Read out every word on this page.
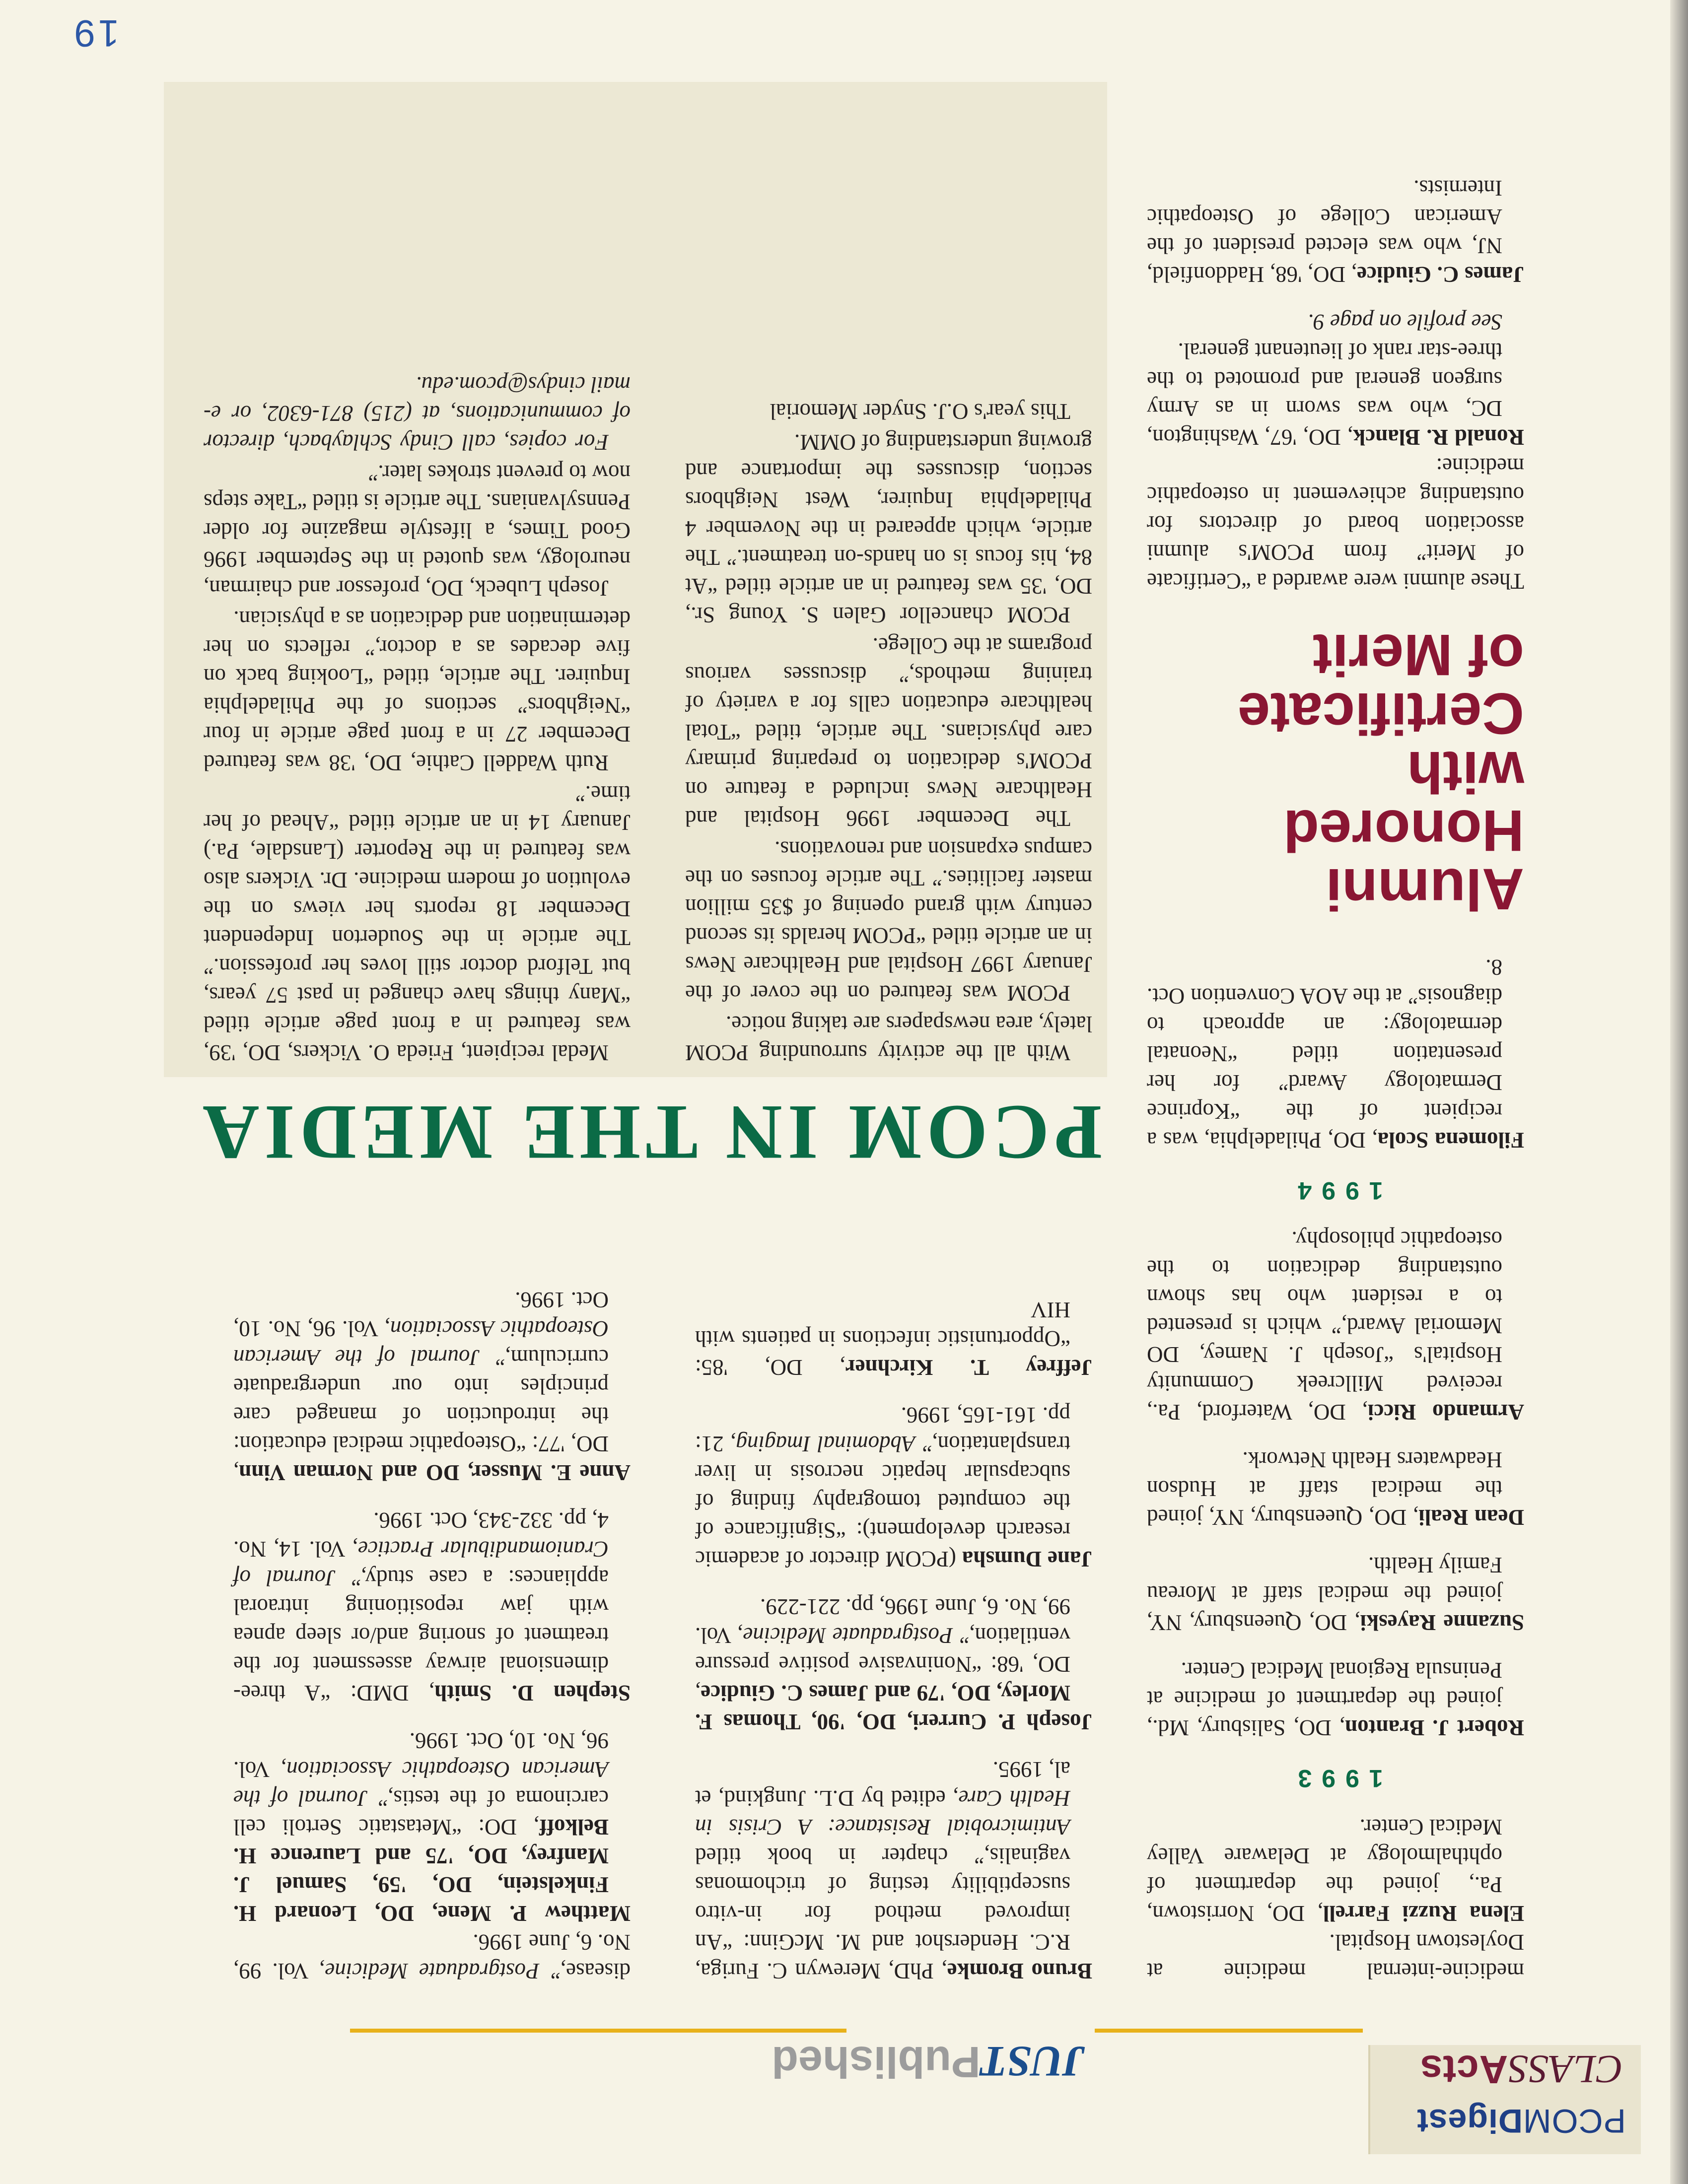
PCOMDigest
CLASSActs
JUSTPublished

medicine-internal medicine at Doylestown Hospital.

Elena Ruzzi Farrell, DO, Norristown, Pa., joined the department of ophthalmology at Delaware Valley Medical Center.

1993

Robert J. Branton, DO, Salisbury, Md., joined the department of medicine at Peninsula Regional Medical Center.

Suzanne Rayeski, DO, Queensbury, NY, joined the medical staff at Moreau Family Health.

Dean Reali, DO, Queensbury, NY, joined the medical staff at Hudson Headwaters Health Network.

Armando Ricci, DO, Waterford, Pa., received Millcreek Community Hospital's “Joseph J. Namey, DO Memorial Award,” which is presented to a resident who has shown outstanding dedication to the osteopathic philosophy.

1994

Filomena Scola, DO, Philadelphia, was a recipient of the “Koprince Dermatology Award” for her presentation titled “Neonatal dermatology: an approach to diagnosis” at the AOA Convention Oct. 8.

Alumni Honored
with Certificate
of Merit

These alumni were awarded a “Certificate of Merit” from PCOM's alumni association board of directors for outstanding achievement in osteopathic medicine:

Ronald R. Blanck, DO, '67, Washington, DC, who was sworn in as Army surgeon general and promoted to the three-star rank of lieutenant general.
See profile on page 9.

James C. Giudice, DO, '68, Haddonfield, NJ, who was elected president of the American College of Osteopathic Internists.

Bruno Bromke, PhD, Merewyn C. Furiga, R.C. Hendershot and M. McGinn: “An improved method for in-vitro susceptibility testing of trichomonas vaginalis,” chapter in book titled Antimicrobial Resistance: A Crisis in Health Care, edited by D.L. Jungkind, et al, 1995.

Joseph P. Curreri, DO, '90, Thomas F. Morley, DO, '79 and James C. Giudice, DO, '68: “Noninvasive positive pressure ventilation,” Postgraduate Medicine, Vol. 99, No. 6, June 1996, pp. 221-229.

Jane Dumsha (PCOM director of academic research development): “Significance of the computed tomography finding of subcapsular hepatic necrosis in liver transplantation,” Abdominal Imaging, 21: pp. 161-165, 1996.

Jeffrey T. Kirchner, DO, '85: “Opportunistic infections in patients with HIV

disease,” Postgraduate Medicine, Vol. 99, No. 6, June 1996.

Matthew P. Mene, DO, Leonard H. Finkelstein, DO, '59, Samuel J. Manfrey, DO, '75 and Laurence H. Belkoff, DO: “Metastatic Sertoli cell carcinoma of the testis,” Journal of the American Osteopathic Association, Vol. 96, No. 10, Oct. 1996.

Stephen D. Smith, DMD: “A three-dimensional airway assessment for the treatment of snoring and/or sleep apnea with jaw repositioning intraoral appliances: a case study,” Journal of Craniomandibular Practice, Vol. 14, No. 4, pp. 332-343, Oct. 1996.

Anne E. Musser, DO and Norman Vinn, DO, '77: “Osteopathic medical education: the introduction of managed care principles into our undergraduate curriculum,” Journal of the American Osteopathic Association, Vol. 96, No. 10, Oct. 1996.

PCOM IN THE MEDIA

With all the activity surrounding PCOM lately, area newspapers are taking notice.

PCOM was featured on the cover of the January 1997 Hospital and Healthcare News in an article titled “PCOM heralds its second century with grand opening of $35 million master facilities.” The article focuses on the campus expansion and renovations.

The December 1996 Hospital and Healthcare News included a feature on PCOM's dedication to preparing primary care physicians. The article, titled “Total healthcare education calls for a variety of training methods,” discusses various programs at the College.

PCOM chancellor Galen S. Young Sr., DO, '35 was featured in an article titled “At 84, his focus is on hands-on treatment.” The article, which appeared in the November 4 Philadelphia Inquirer, West Neighbors section, discusses the importance and growing understanding of OMM.

This year's O.J. Snyder Memorial

Medal recipient, Frieda O. Vickers, DO, '39, was featured in a front page article titled “Many things have changed in past 57 years, but Telford doctor still loves her profession.” The article in the Souderton Independent December 18 reports her views on the evolution of modern medicine. Dr. Vickers also was featured in the Reporter (Lansdale, Pa.) January 14 in an article titled “Ahead of her time.”

Ruth Waddell Cathie, DO, '38 was featured December 27 in a front page article in four “Neighbors” sections of the Philadelphia Inquirer. The article, titled “Looking back on five decades as a doctor,” reflects on her determination and dedication as a physician.

Joseph Lubeck, DO, professor and chairman, neurology, was quoted in the September 1996 Good Times, a lifestyle magazine for older Pennsylvanians. The article is titled “Take steps now to prevent strokes later.”

For copies, call Cindy Schlaybach, director of communications, at (215) 871-6302, or e-mail cindys@pcom.edu.

19
